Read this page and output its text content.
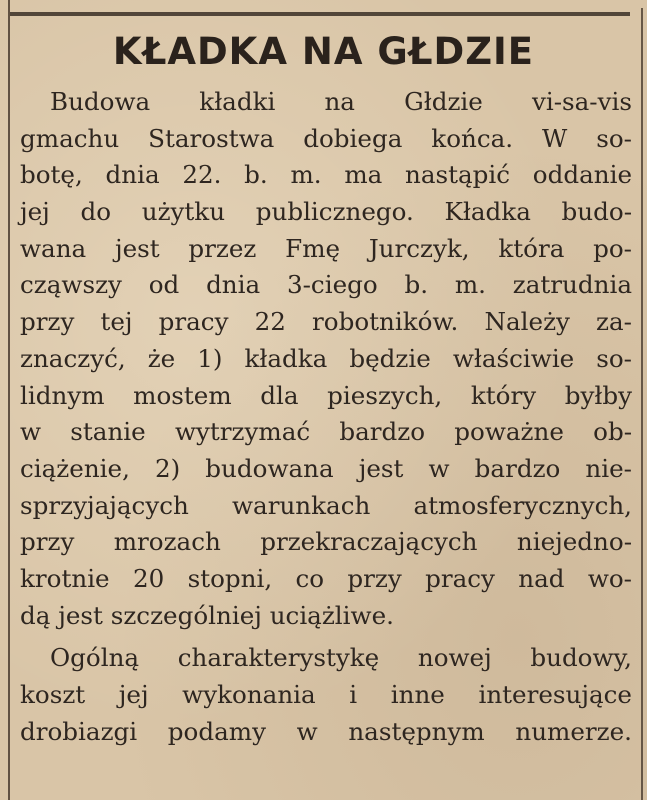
KŁADKA NA GŁDZIE
Budowa kładki na Głdzie vi-sa-vis
gmachu Starostwa dobiega końca. W so-
botę, dnia 22. b. m. ma nastąpić oddanie
jej do użytku publicznego. Kładka budo-
wana jest przez Fmę Jurczyk, która po-
cząwszy od dnia 3-ciego b. m. zatrudnia
przy tej pracy 22 robotników. Należy za-
znaczyć, że 1) kładka będzie właściwie so-
lidnym mostem dla pieszych, który byłby
w stanie wytrzymać bardzo poważne ob-
ciążenie, 2) budowana jest w bardzo nie-
sprzyjających warunkach atmosferycznych,
przy mrozach przekraczających niejedno-
krotnie 20 stopni, co przy pracy nad wo-
dą jest szczególniej uciążliwe.
Ogólną charakterystykę nowej budowy,
koszt jej wykonania i inne interesujące
drobiazgi podamy w następnym numerze.
